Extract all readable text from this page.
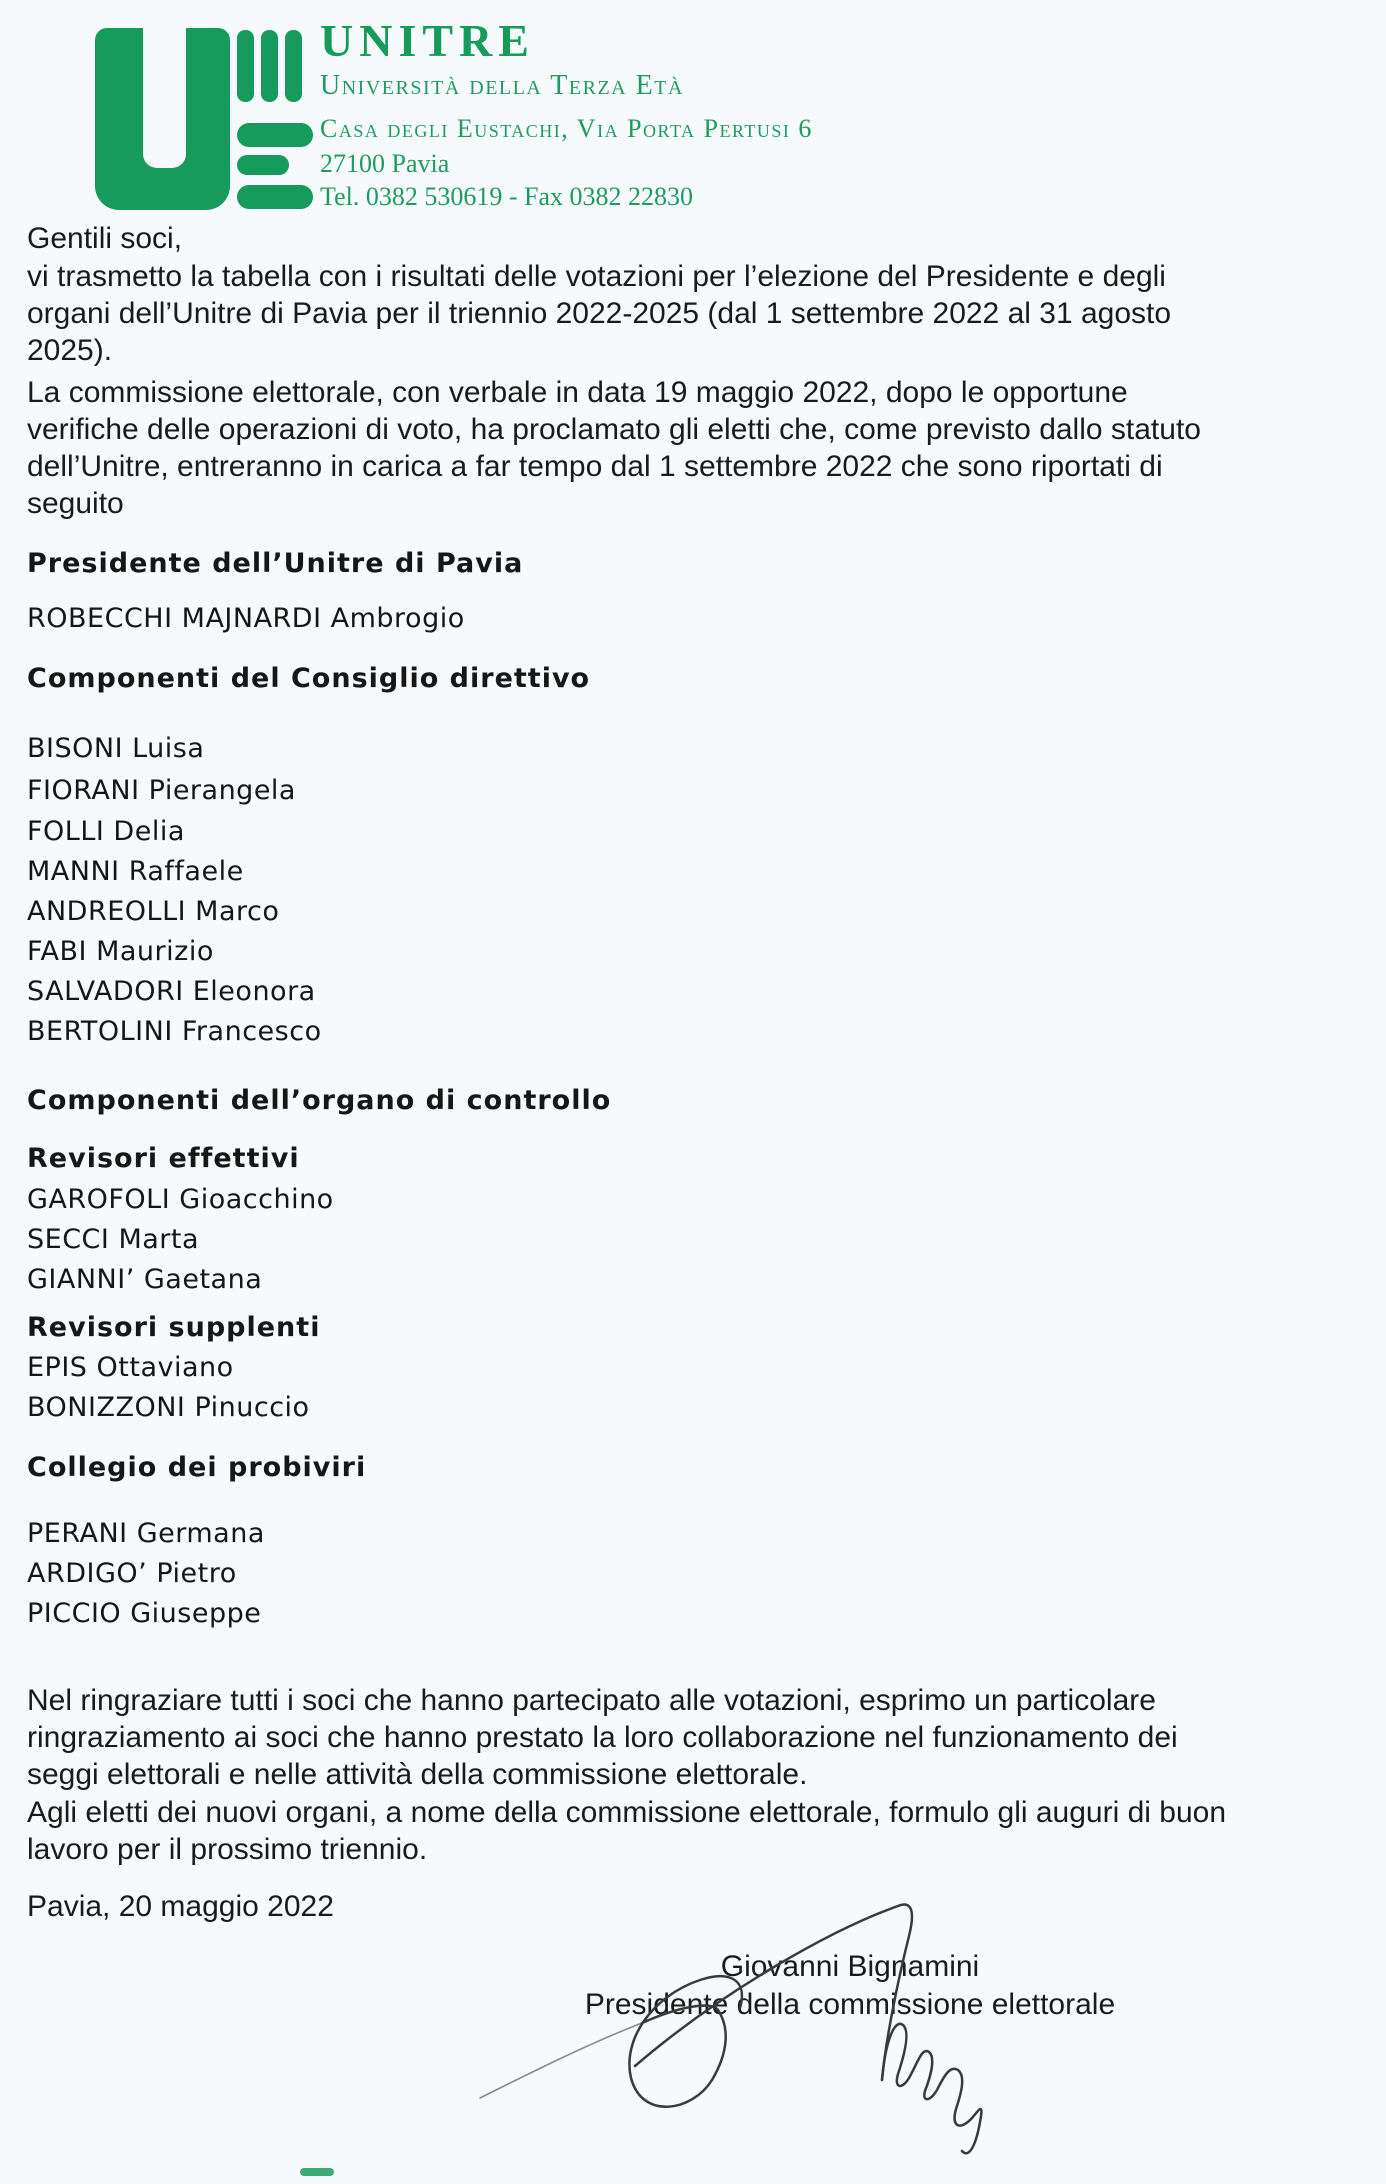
UNITRE
Università della Terza Età
Casa degli Eustachi, Via Porta Pertusi 6
27100 Pavia
Tel. 0382 530619 - Fax 0382 22830
Gentili soci,
vi trasmetto la tabella con i risultati delle votazioni per l’elezione del Presidente e degli
organi dell’Unitre di Pavia per il triennio 2022-2025 (dal 1 settembre 2022 al 31 agosto
2025).
La commissione elettorale, con verbale in data 19 maggio 2022, dopo le opportune
verifiche delle operazioni di voto, ha proclamato gli eletti che, come previsto dallo statuto
dell’Unitre, entreranno in carica a far tempo dal 1 settembre 2022 che sono riportati di
seguito
Presidente dell’Unitre di Pavia
ROBECCHI MAJNARDI Ambrogio
Componenti del Consiglio direttivo
BISONI Luisa
FIORANI Pierangela
FOLLI Delia
MANNI Raffaele
ANDREOLLI Marco
FABI Maurizio
SALVADORI Eleonora
BERTOLINI Francesco
Componenti dell’organo di controllo
Revisori effettivi
GAROFOLI Gioacchino
SECCI Marta
GIANNI’ Gaetana
Revisori supplenti
EPIS Ottaviano
BONIZZONI Pinuccio
Collegio dei probiviri
PERANI Germana
ARDIGO’ Pietro
PICCIO Giuseppe
Nel ringraziare tutti i soci che hanno partecipato alle votazioni, esprimo un particolare
ringraziamento ai soci che hanno prestato la loro collaborazione nel funzionamento dei
seggi elettorali e nelle attività della commissione elettorale.
Agli eletti dei nuovi organi, a nome della commissione elettorale, formulo gli auguri di buon
lavoro per il prossimo triennio.
Pavia, 20 maggio 2022
Giovanni Bignamini
Presidente della commissione elettorale
